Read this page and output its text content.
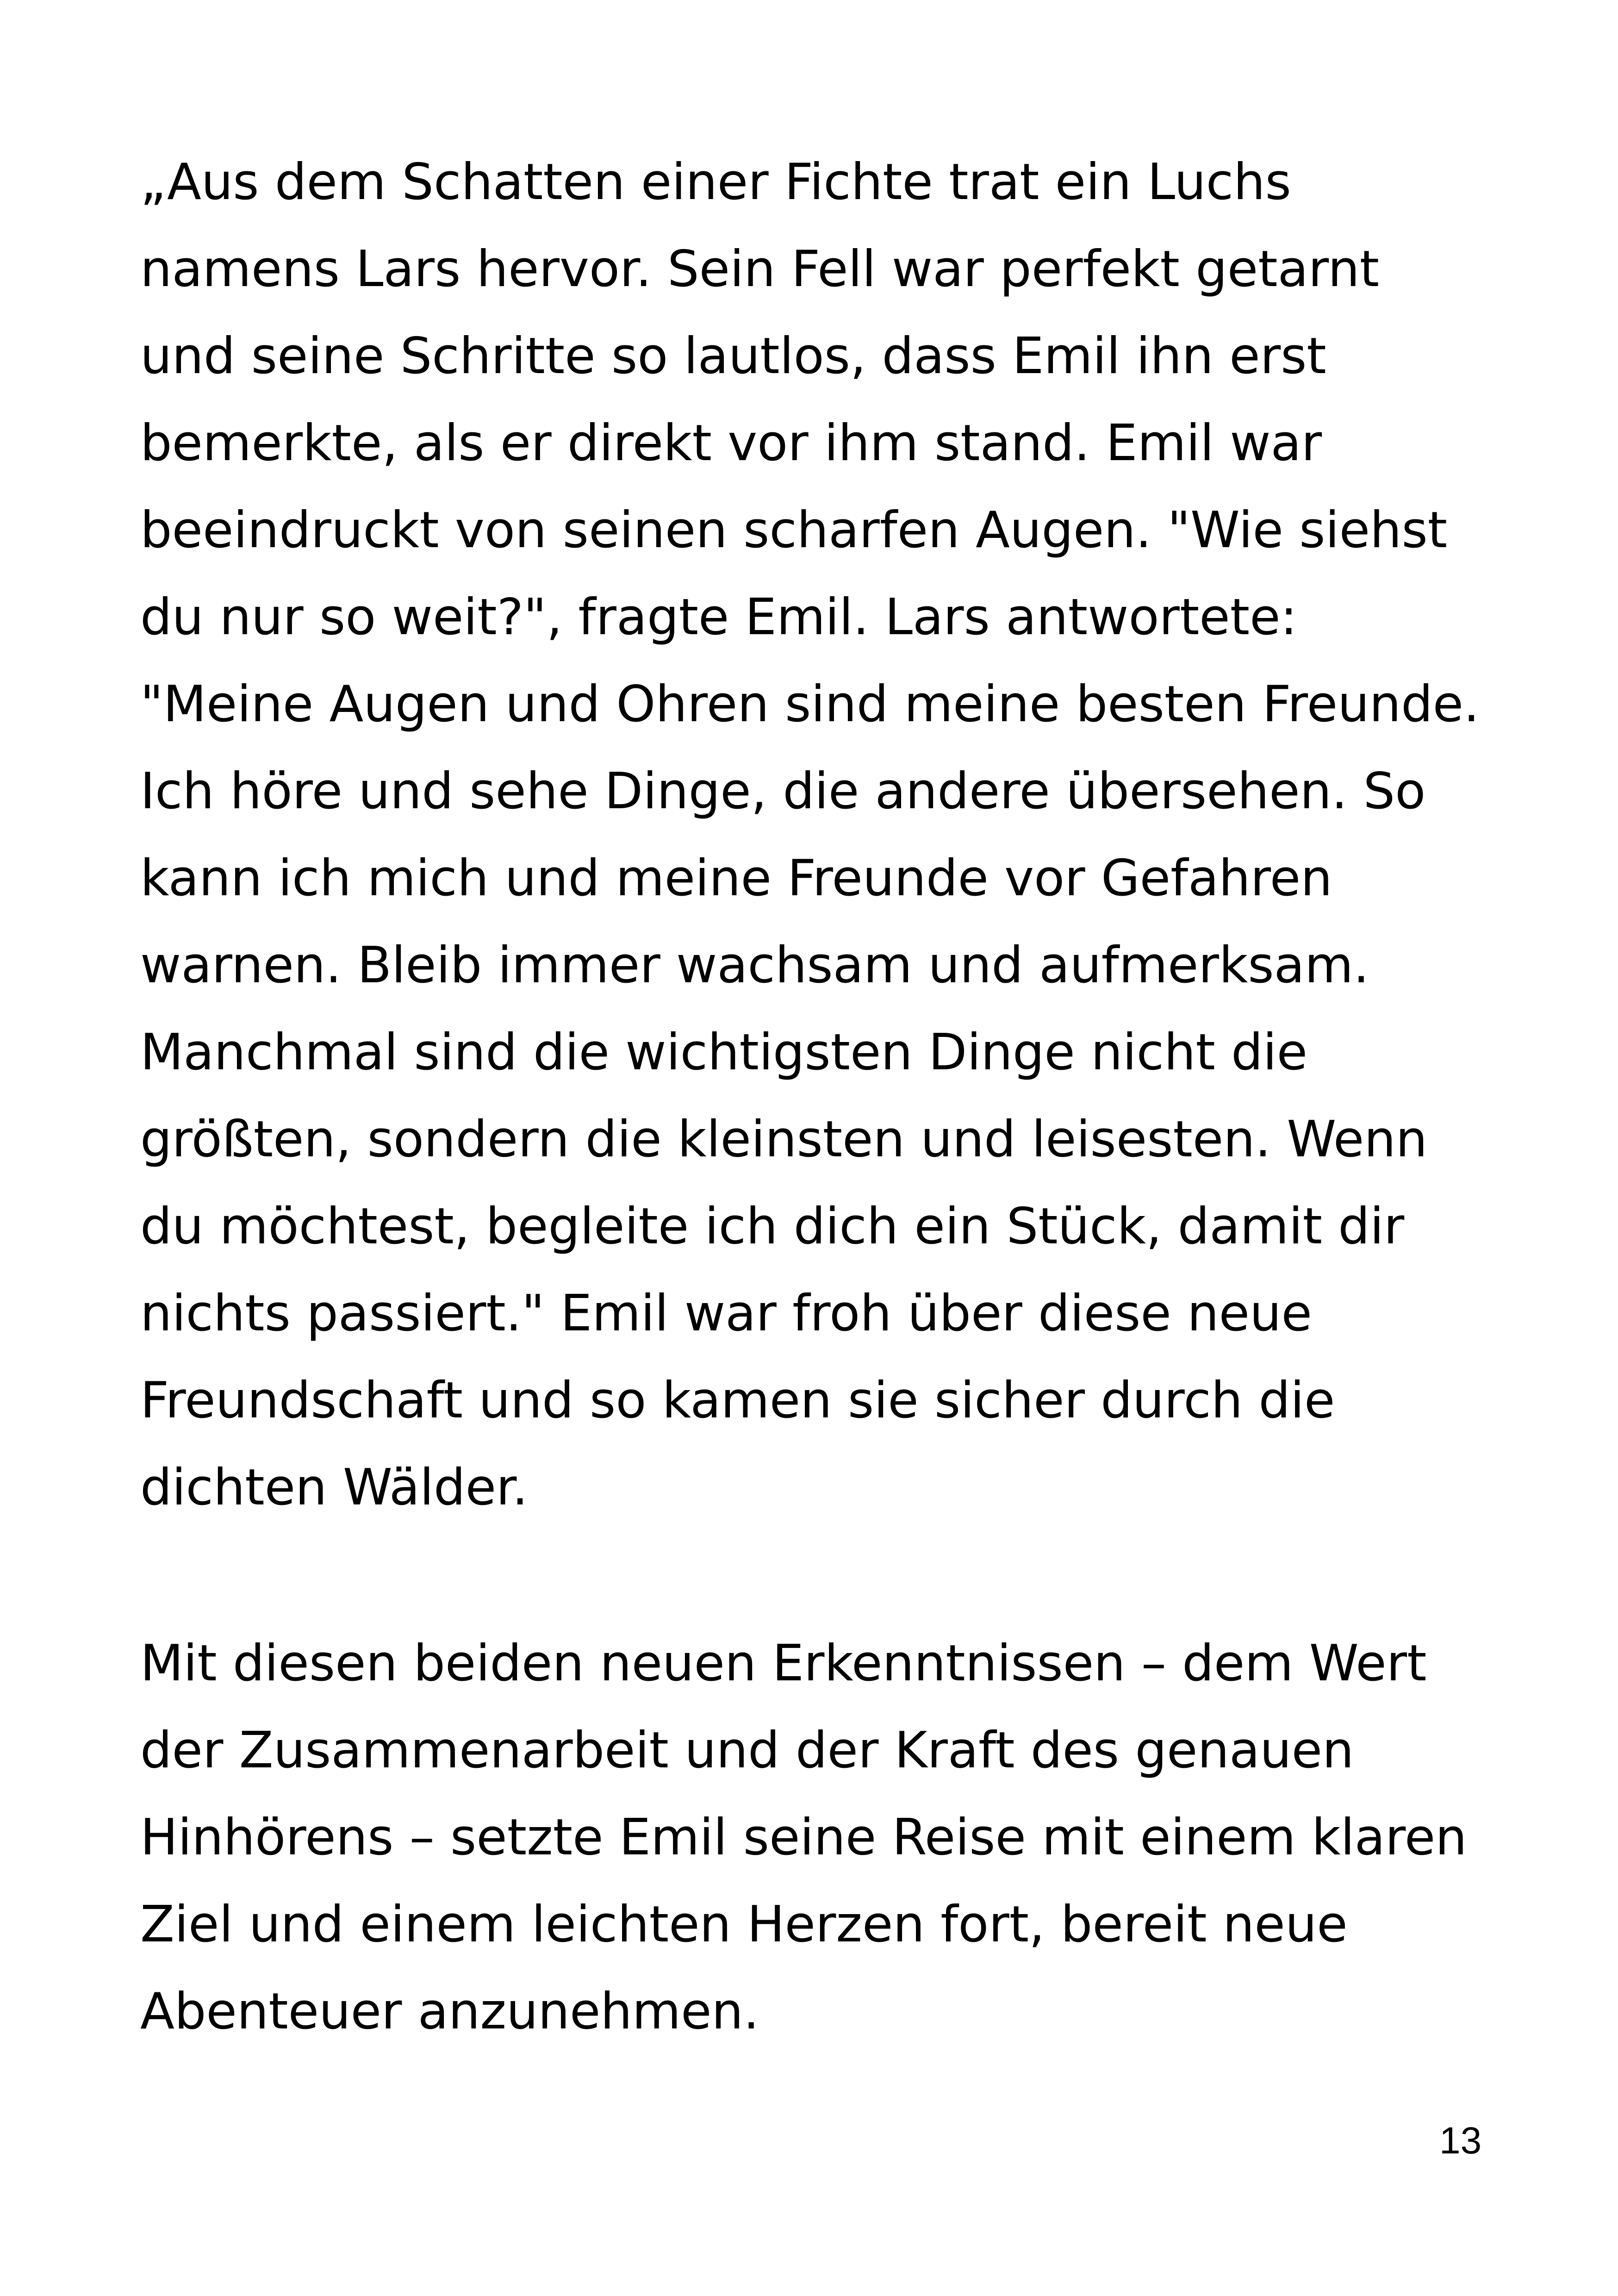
„Aus dem Schatten einer Fichte trat ein Luchs
namens Lars hervor. Sein Fell war perfekt getarnt
und seine Schritte so lautlos, dass Emil ihn erst
bemerkte, als er direkt vor ihm stand. Emil war
beeindruckt von seinen scharfen Augen. "Wie siehst
du nur so weit?", fragte Emil. Lars antwortete:
"Meine Augen und Ohren sind meine besten Freunde.
Ich höre und sehe Dinge, die andere übersehen. So
kann ich mich und meine Freunde vor Gefahren
warnen. Bleib immer wachsam und aufmerksam.
Manchmal sind die wichtigsten Dinge nicht die
größten, sondern die kleinsten und leisesten. Wenn
du möchtest, begleite ich dich ein Stück, damit dir
nichts passiert." Emil war froh über diese neue
Freundschaft und so kamen sie sicher durch die
dichten Wälder.
Mit diesen beiden neuen Erkenntnissen – dem Wert
der Zusammenarbeit und der Kraft des genauen
Hinhörens – setzte Emil seine Reise mit einem klaren
Ziel und einem leichten Herzen fort, bereit neue
Abenteuer anzunehmen.
13
